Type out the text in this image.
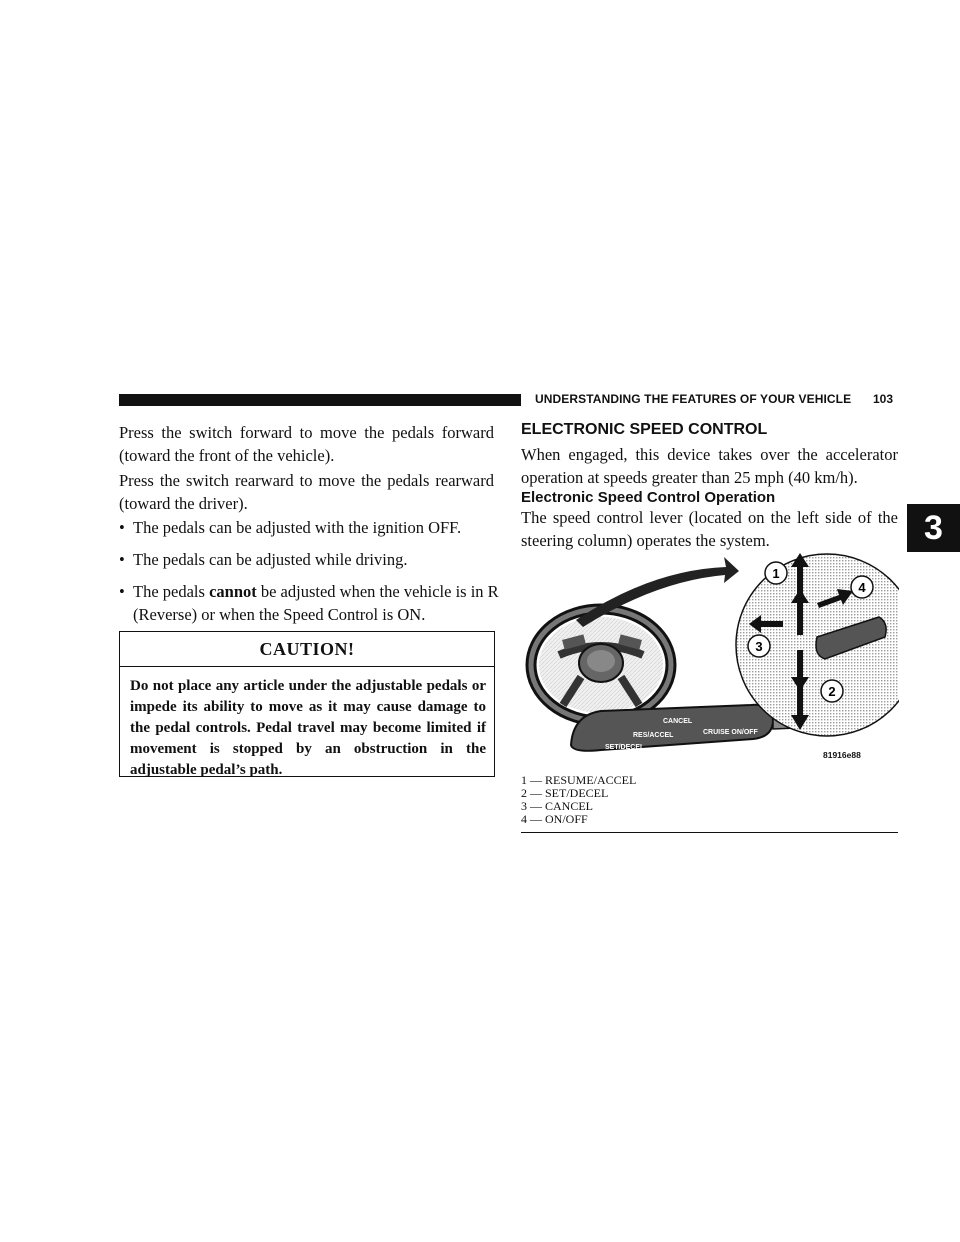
UNDERSTANDING THE FEATURES OF YOUR VEHICLE 103
3

Press the switch forward to move the pedals forward (toward the front of the vehicle).

Press the switch rearward to move the pedals rearward (toward the driver).

• The pedals can be adjusted with the ignition OFF.
• The pedals can be adjusted while driving.
• The pedals cannot be adjusted when the vehicle is in R (Reverse) or when the Speed Control is ON.
CAUTION!

Do not place any article under the adjustable pedals or impede its ability to move as it may cause damage to the pedal controls. Pedal travel may become limited if movement is stopped by an obstruction in the adjustable pedal’s path.

ELECTRONIC SPEED CONTROL

When engaged, this device takes over the accelerator operation at speeds greater than 25 mph (40 km/h).

Electronic Speed Control Operation

The speed control lever (located on the left side of the steering column) operates the system.

CANCEL
RES/ACCEL	CRUISE ON/OFF
SET/DECEL
1
4
3
2
81916e88
1 — RESUME/ACCEL
2 — SET/DECEL
3 — CANCEL
4 — ON/OFF
